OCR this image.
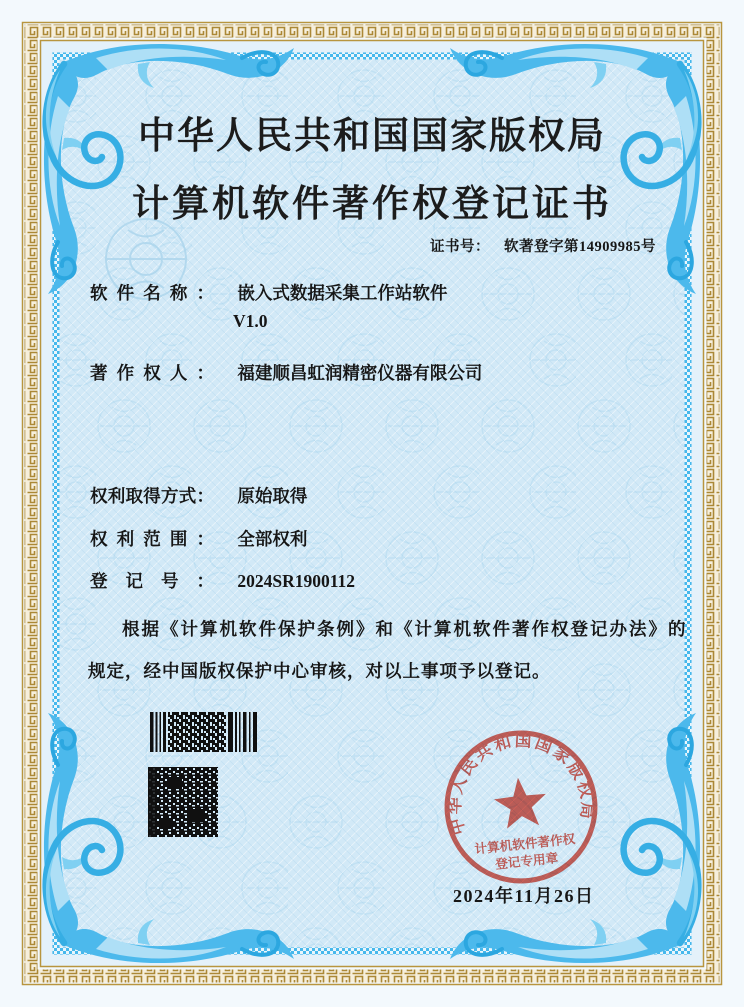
中华人民共和国国家版权局
计算机软件著作权登记证书
证书号： 软著登字第14909985号
软件名称： 嵌入式数据采集工作站软件
V1.0
著作权人： 福建顺昌虹润精密仪器有限公司
权利取得方式： 原始取得
权利范围： 全部权利
登记号： 2024SR1900112
根据《计算机软件保护条例》和《计算机软件著作权登记办法》的
规定，经中国版权保护中心审核，对以上事项予以登记。
中华人民共和国国家版权局
计算机软件著作权
登记专用章
2024年11月26日
